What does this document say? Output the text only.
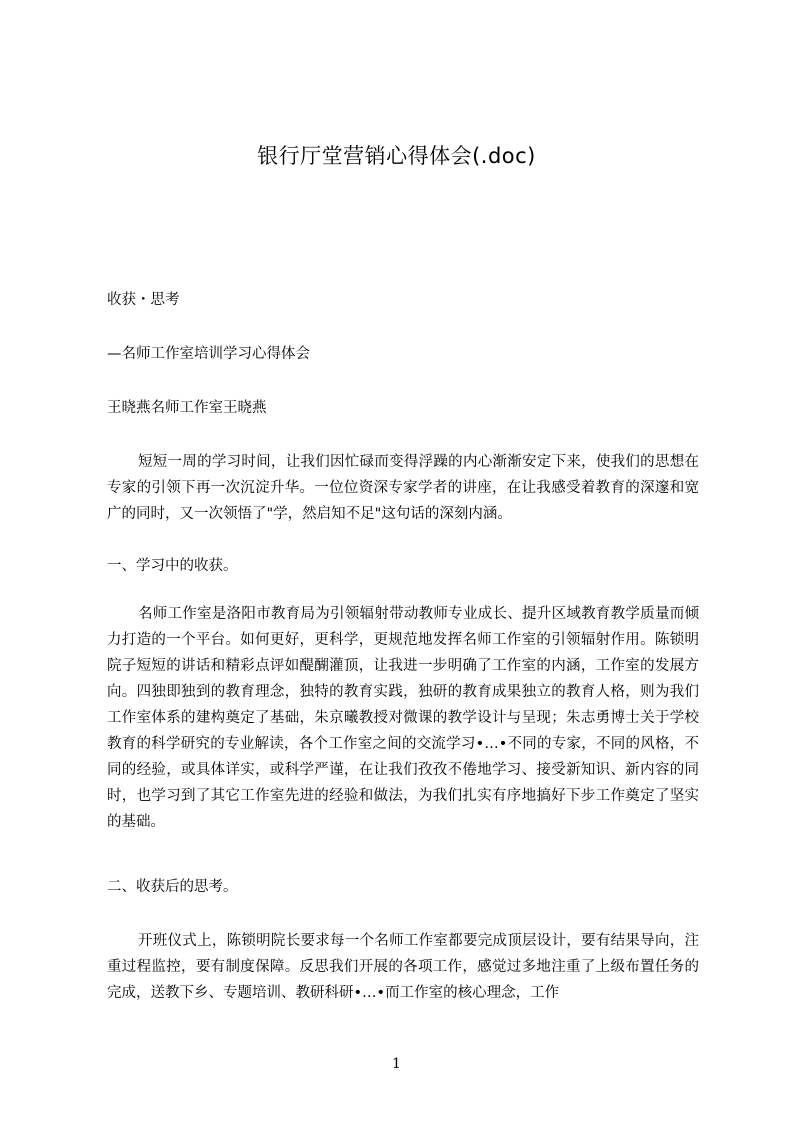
银行厅堂营销心得体会(.doc)

收获・思考

—名师工作室培训学习心得体会

王晓燕名师工作室王晓燕

短短一周的学习时间，让我们因忙碌而变得浮躁的内心渐渐安定下来，使我们的思想在专家的引领下再一次沉淀升华。一位位资深专家学者的讲座，在让我感受着教育的深邃和宽广的同时，又一次领悟了"学，然启知不足"这句话的深刻内涵。

一、学习中的收获。

名师工作室是洛阳市教育局为引领辐射带动教师专业成长、提升区域教育教学质量而倾力打造的一个平台。如何更好，更科学，更规范地发挥名师工作室的引领辐射作用。陈锁明院子短短的讲话和精彩点评如醍醐灌顶，让我进一步明确了工作室的内涵，工作室的发展方向。四独即独到的教育理念，独特的教育实践，独研的教育成果独立的教育人格，则为我们工作室体系的建构奠定了基础，朱京曦教授对微课的教学设计与呈现；朱志勇博士关于学校教育的科学研究的专业解读，各个工作室之间的交流学习•…•不同的专家，不同的风格，不同的经验，或具体详实，或科学严谨，在让我们孜孜不倦地学习、接受新知识、新内容的同时，也学习到了其它工作室先进的经验和做法，为我们扎实有序地搞好下步工作奠定了坚实的基础。

二、收获后的思考。

开班仪式上，陈锁明院长要求每一个名师工作室都要完成顶层设计，要有结果导向，注重过程监控，要有制度保障。反思我们开展的各项工作，感觉过多地注重了上级布置任务的完成，送教下乡、专题培训、教研科研•…•而工作室的核心理念，工作

1
